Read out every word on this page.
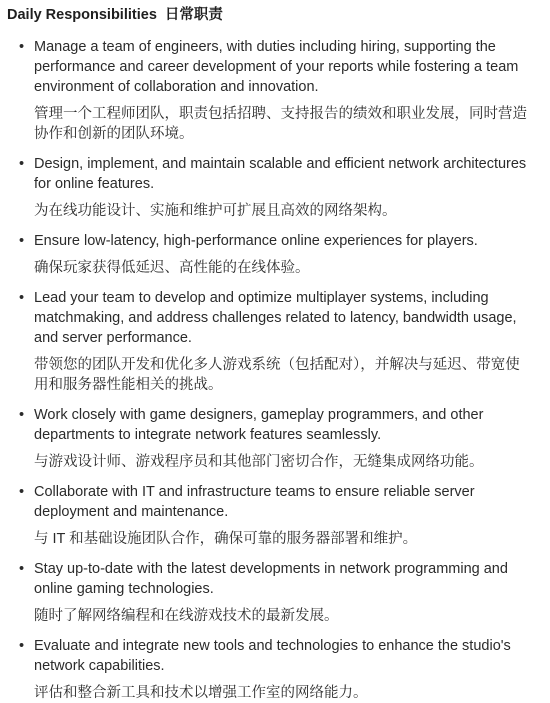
Daily Responsibilities 日常职责
• Manage a team of engineers, with duties including hiring, supporting the performance and career development of your reports while fostering a team environment of collaboration and innovation.

管理一个工程师团队，职责包括招聘、支持报告的绩效和职业发展，同时营造协作和创新的团队环境。

• Design, implement, and maintain scalable and efficient network architectures for online features.

为在线功能设计、实施和维护可扩展且高效的网络架构。

• Ensure low-latency, high-performance online experiences for players.

确保玩家获得低延迟、高性能的在线体验。

• Lead your team to develop and optimize multiplayer systems, including matchmaking, and address challenges related to latency, bandwidth usage, and server performance.

带领您的团队开发和优化多人游戏系统（包括配对），并解决与延迟、带宽使用和服务器性能相关的挑战。

• Work closely with game designers, gameplay programmers, and other departments to integrate network features seamlessly.

与游戏设计师、游戏程序员和其他部门密切合作，无缝集成网络功能。

• Collaborate with IT and infrastructure teams to ensure reliable server deployment and maintenance.

与 IT 和基础设施团队合作，确保可靠的服务器部署和维护。

• Stay up-to-date with the latest developments in network programming and online gaming technologies.

随时了解网络编程和在线游戏技术的最新发展。

• Evaluate and integrate new tools and technologies to enhance the studio's network capabilities.

评估和整合新工具和技术以增强工作室的网络能力。
